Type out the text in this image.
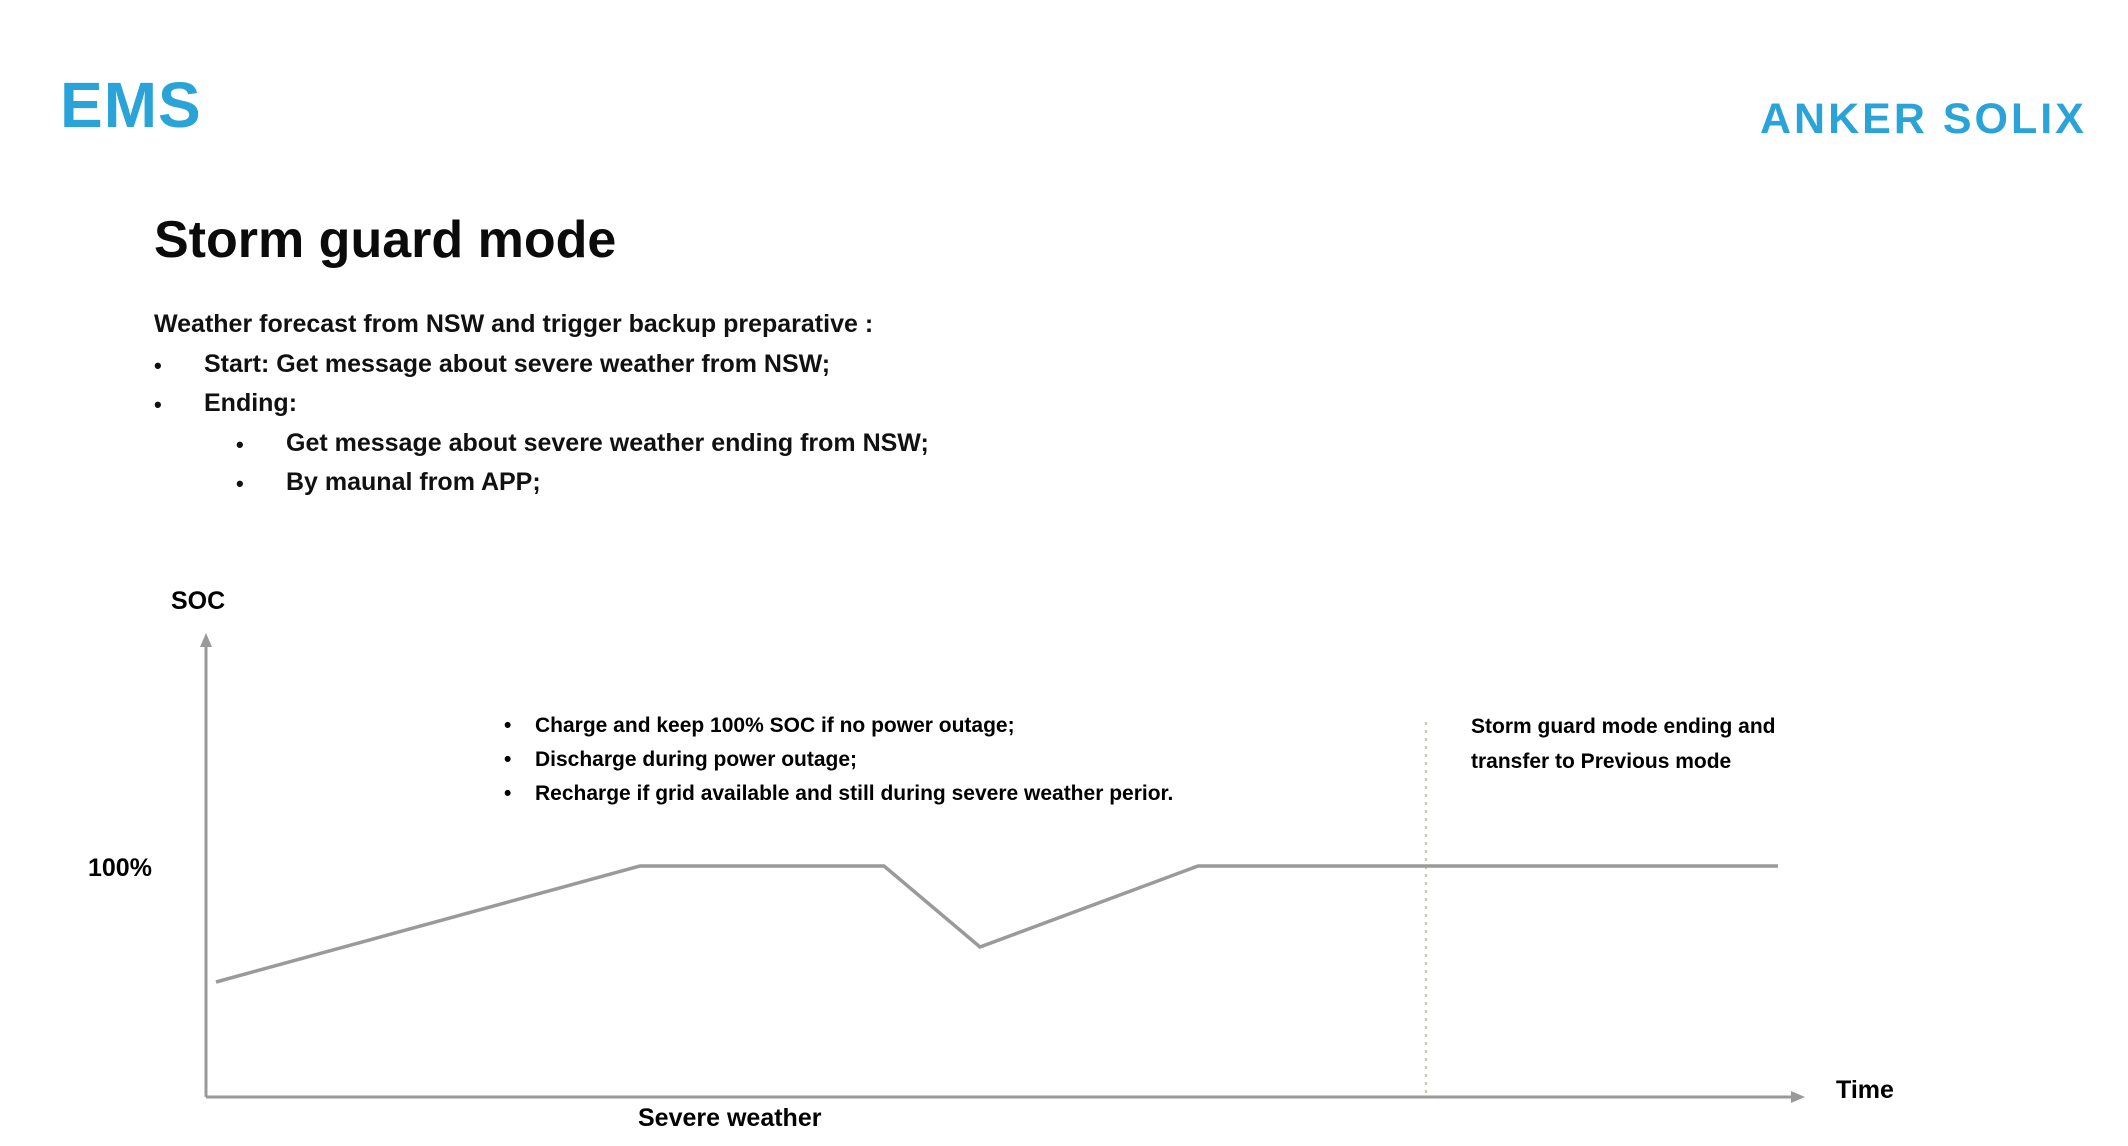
EMS	ANKER SOLIX
Storm guard mode
Weather forecast from NSW and trigger backup preparative :
• Start: Get message about severe weather from NSW;
• Ending:
• Get message about severe weather ending from NSW;
• By maunal from APP;
SOC
100%
Time
Severe weather
• Charge and keep 100% SOC if no power outage;
• Discharge during power outage;
• Recharge if grid available and still during severe weather perior.
Storm guard mode ending and
transfer to Previous mode
